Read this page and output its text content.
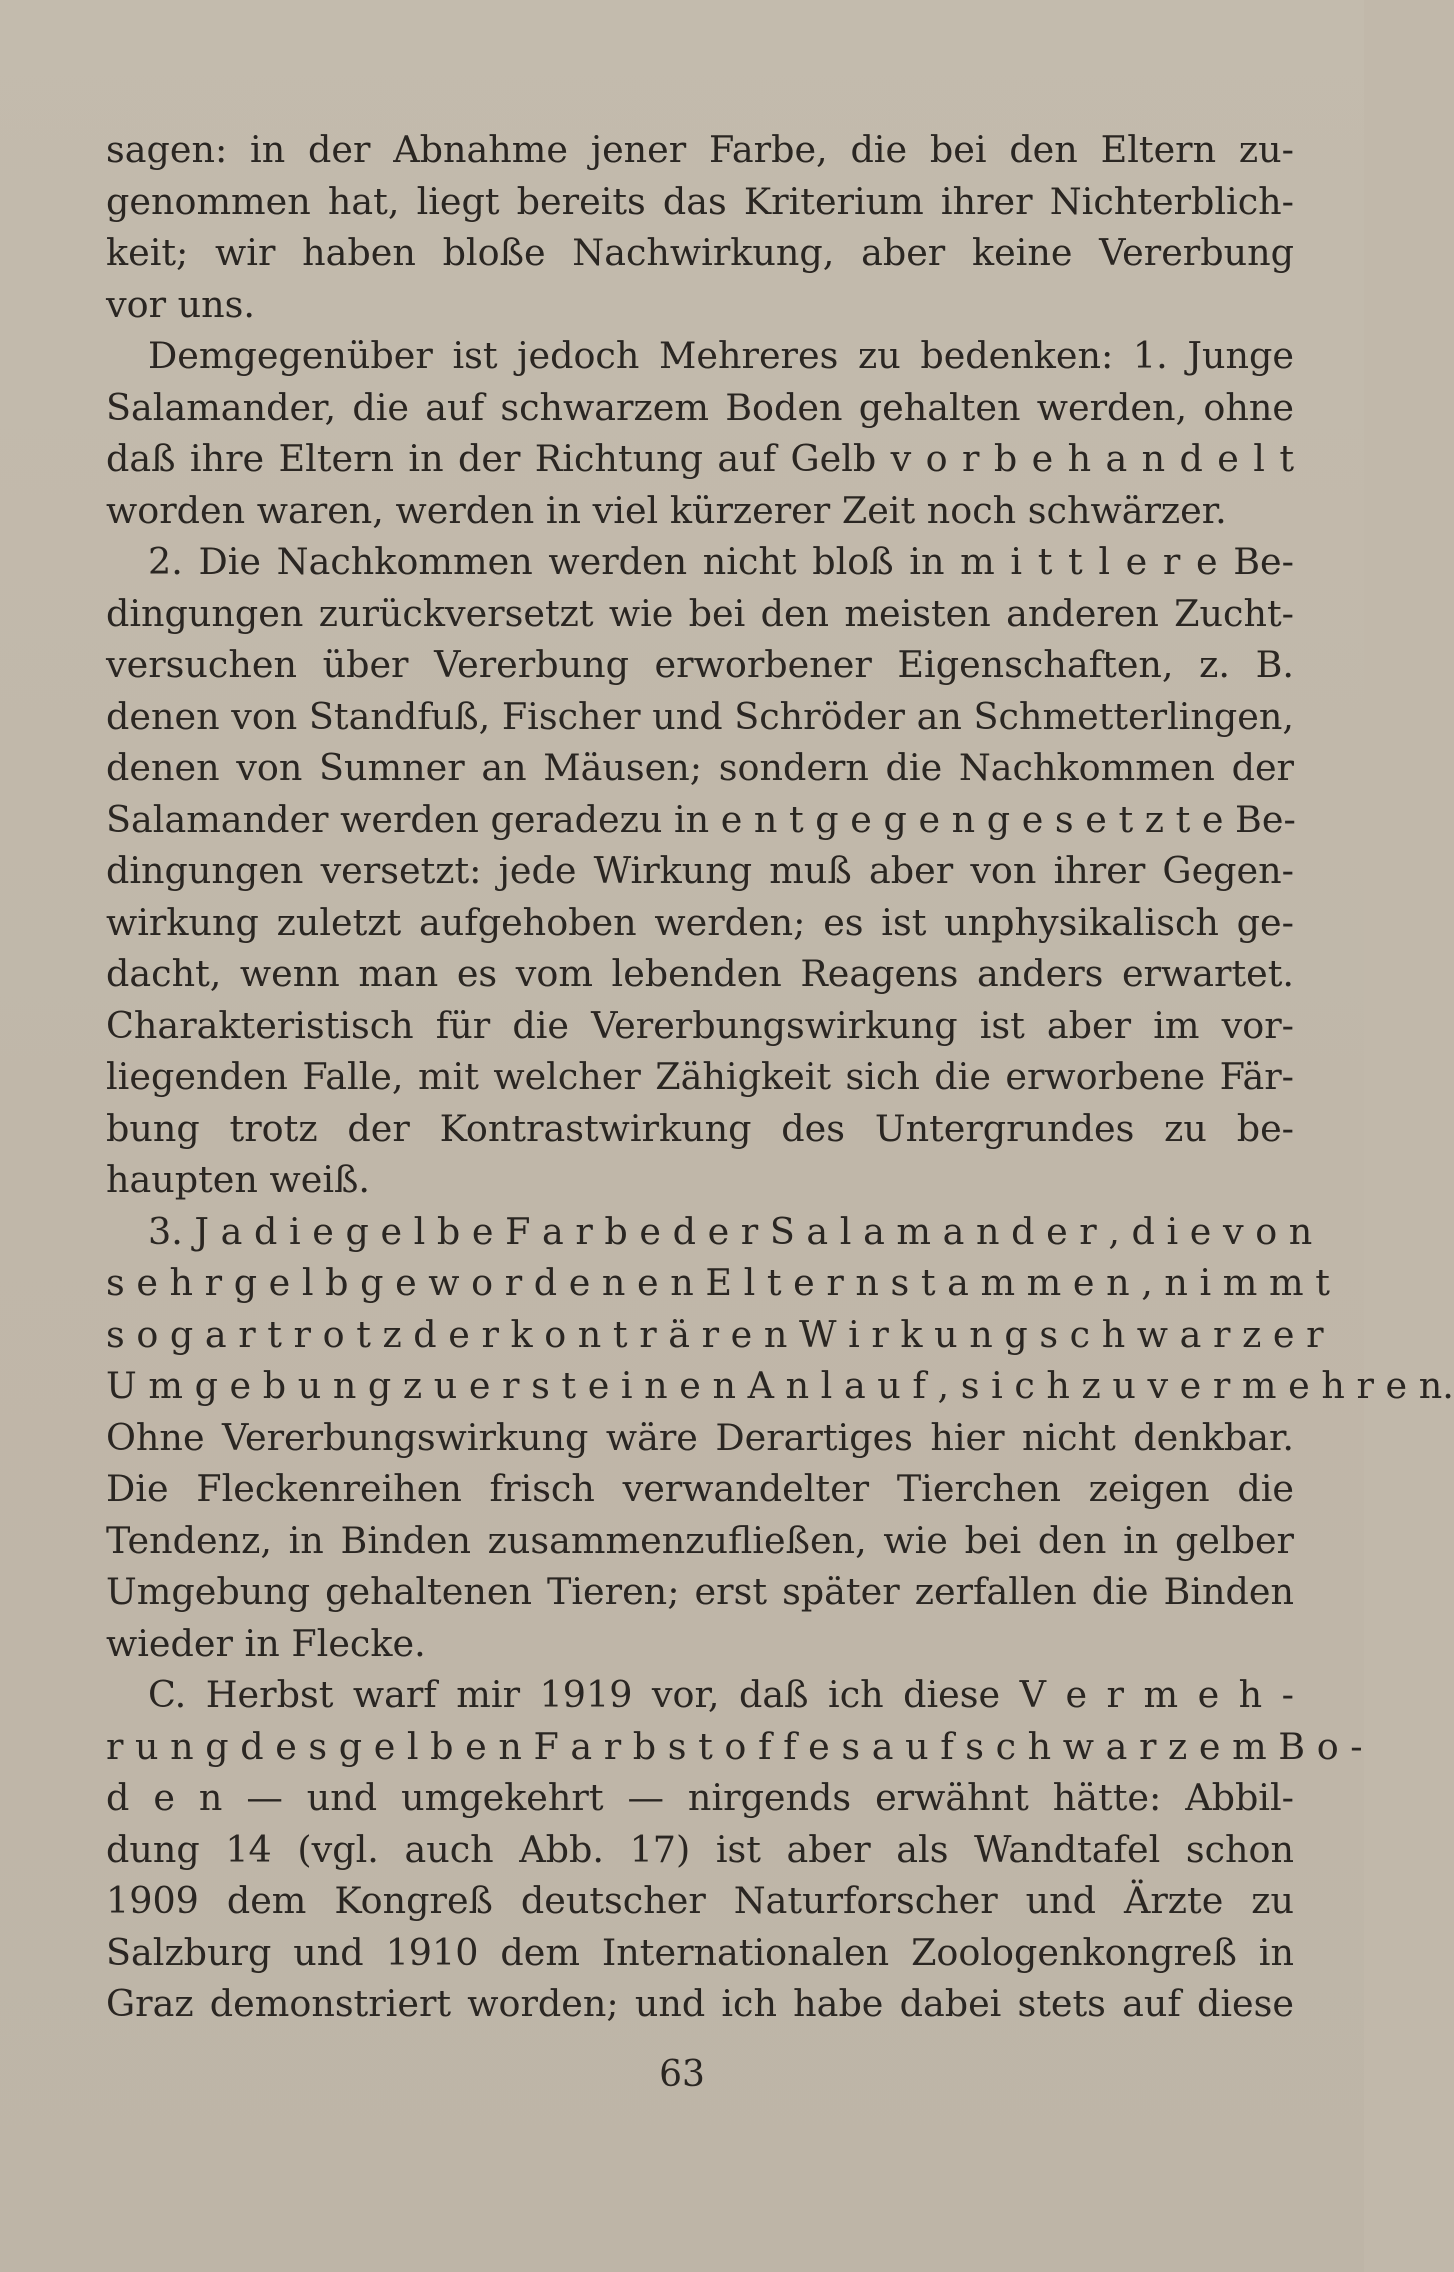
sagen: in der Abnahme jener Farbe, die bei den Eltern zu-
genommen hat, liegt bereits das Kriterium ihrer Nichterblich-
keit; wir haben bloße Nachwirkung, aber keine Vererbung
vor uns.
Demgegenüber ist jedoch Mehreres zu bedenken: 1. Junge
Salamander, die auf schwarzem Boden gehalten werden, ohne
daß ihre Eltern in der Richtung auf Gelb v o r b e h a n d e l t
worden waren, werden in viel kürzerer Zeit noch schwärzer.
2. Die Nachkommen werden nicht bloß in m i t t l e r e Be-
dingungen zurückversetzt wie bei den meisten anderen Zucht-
versuchen über Vererbung erworbener Eigenschaften, z. B.
denen von Standfuß, Fischer und Schröder an Schmetterlingen,
denen von Sumner an Mäusen; sondern die Nachkommen der
Salamander werden geradezu in e n t g e g e n g e s e t z t e Be-
dingungen versetzt: jede Wirkung muß aber von ihrer Gegen-
wirkung zuletzt aufgehoben werden; es ist unphysikalisch ge-
dacht, wenn man es vom lebenden Reagens anders erwartet.
Charakteristisch für die Vererbungswirkung ist aber im vor-
liegenden Falle, mit welcher Zähigkeit sich die erworbene Fär-
bung trotz der Kontrastwirkung des Untergrundes zu be-
haupten weiß.
3. J a d i e g e l b e F a r b e d e r S a l a m a n d e r , d i e v o n
s e h r g e l b g e w o r d e n e n E l t e r n s t a m m e n , n i m m t
s o g a r t r o t z d e r k o n t r ä r e n W i r k u n g s c h w a r z e r
U m g e b u n g z u e r s t e i n e n A n l a u f , s i c h z u v e r m e h r e n.
Ohne Vererbungswirkung wäre Derartiges hier nicht denkbar.
Die Fleckenreihen frisch verwandelter Tierchen zeigen die
Tendenz, in Binden zusammenzufließen, wie bei den in gelber
Umgebung gehaltenen Tieren; erst später zerfallen die Binden
wieder in Flecke.
C. Herbst warf mir 1919 vor, daß ich diese V e r m e h -
r u n g d e s g e l b e n F a r b s t o f f e s a u f s c h w a r z e m B o -
d e n — und umgekehrt — nirgends erwähnt hätte: Abbil-
dung 14 (vgl. auch Abb. 17) ist aber als Wandtafel schon
1909 dem Kongreß deutscher Naturforscher und Ärzte zu
Salzburg und 1910 dem Internationalen Zoologenkongreß in
Graz demonstriert worden; und ich habe dabei stets auf diese
63
